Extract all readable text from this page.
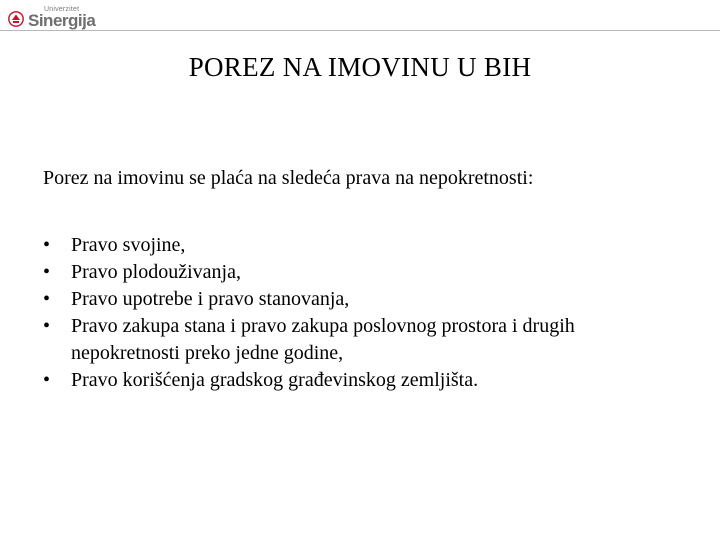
Univerzitet
Sinergija
POREZ NA IMOVINU U BIH
Porez na imovinu se plaća na sledeća prava na nepokretnosti:
• Pravo svojine,
• Pravo plodouživanja,
• Pravo upotrebe i pravo stanovanja,
• Pravo zakupa stana i pravo zakupa poslovnog prostora i drugih nepokretnosti preko jedne godine,
• Pravo korišćenja gradskog građevinskog zemljišta.
